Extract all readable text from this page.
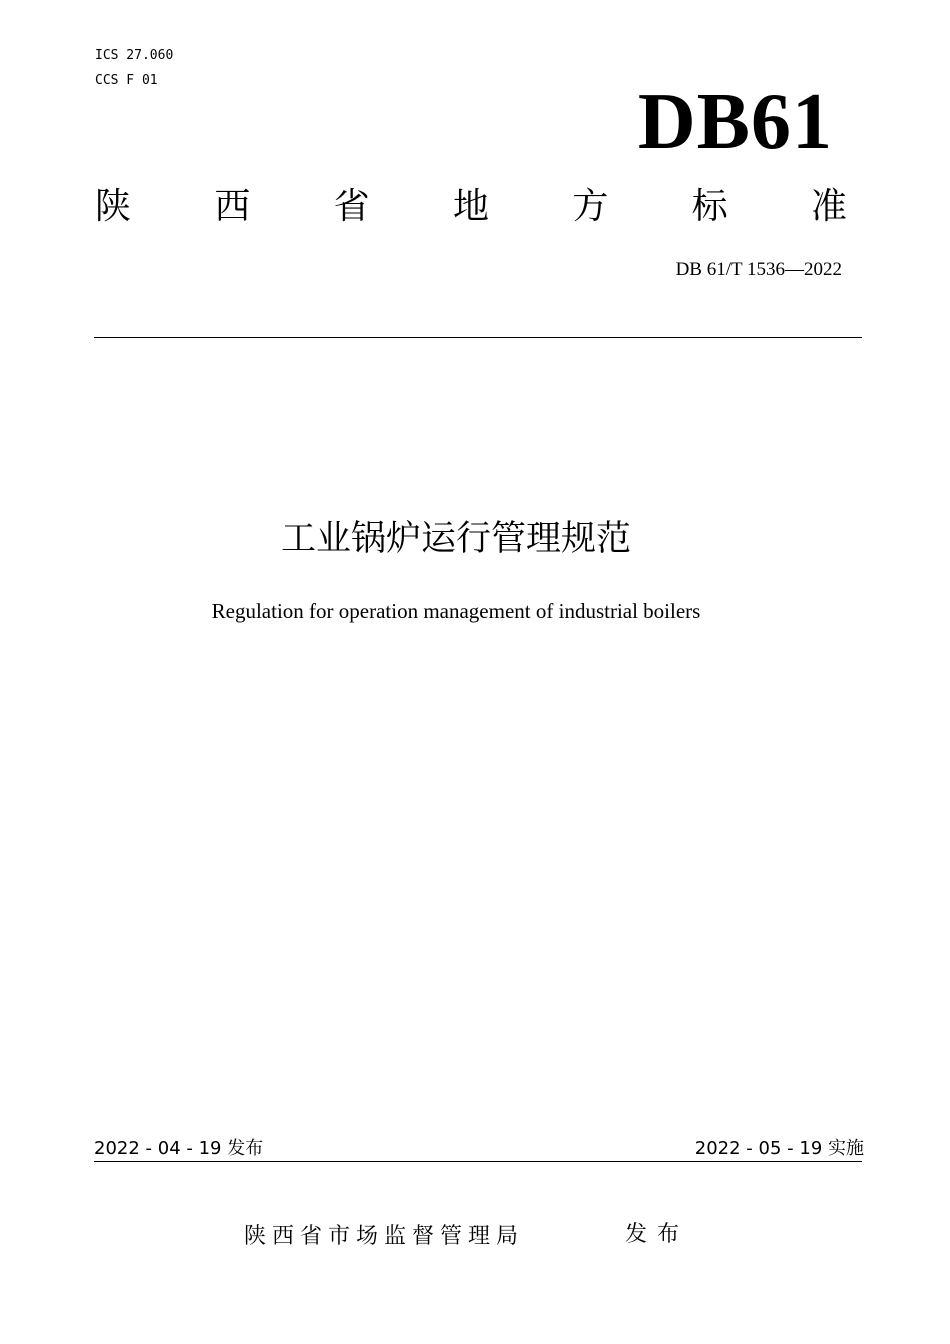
ICS 27.060
CCS F 01	DB61
陕 西 省 地 方 标 准
DB 61/T 1536—2022
工业锅炉运行管理规范
Regulation for operation management of industrial boilers
2022 - 04 - 19 发布	2022 - 05 - 19 实施
陕西省市场监督管理局	发布
